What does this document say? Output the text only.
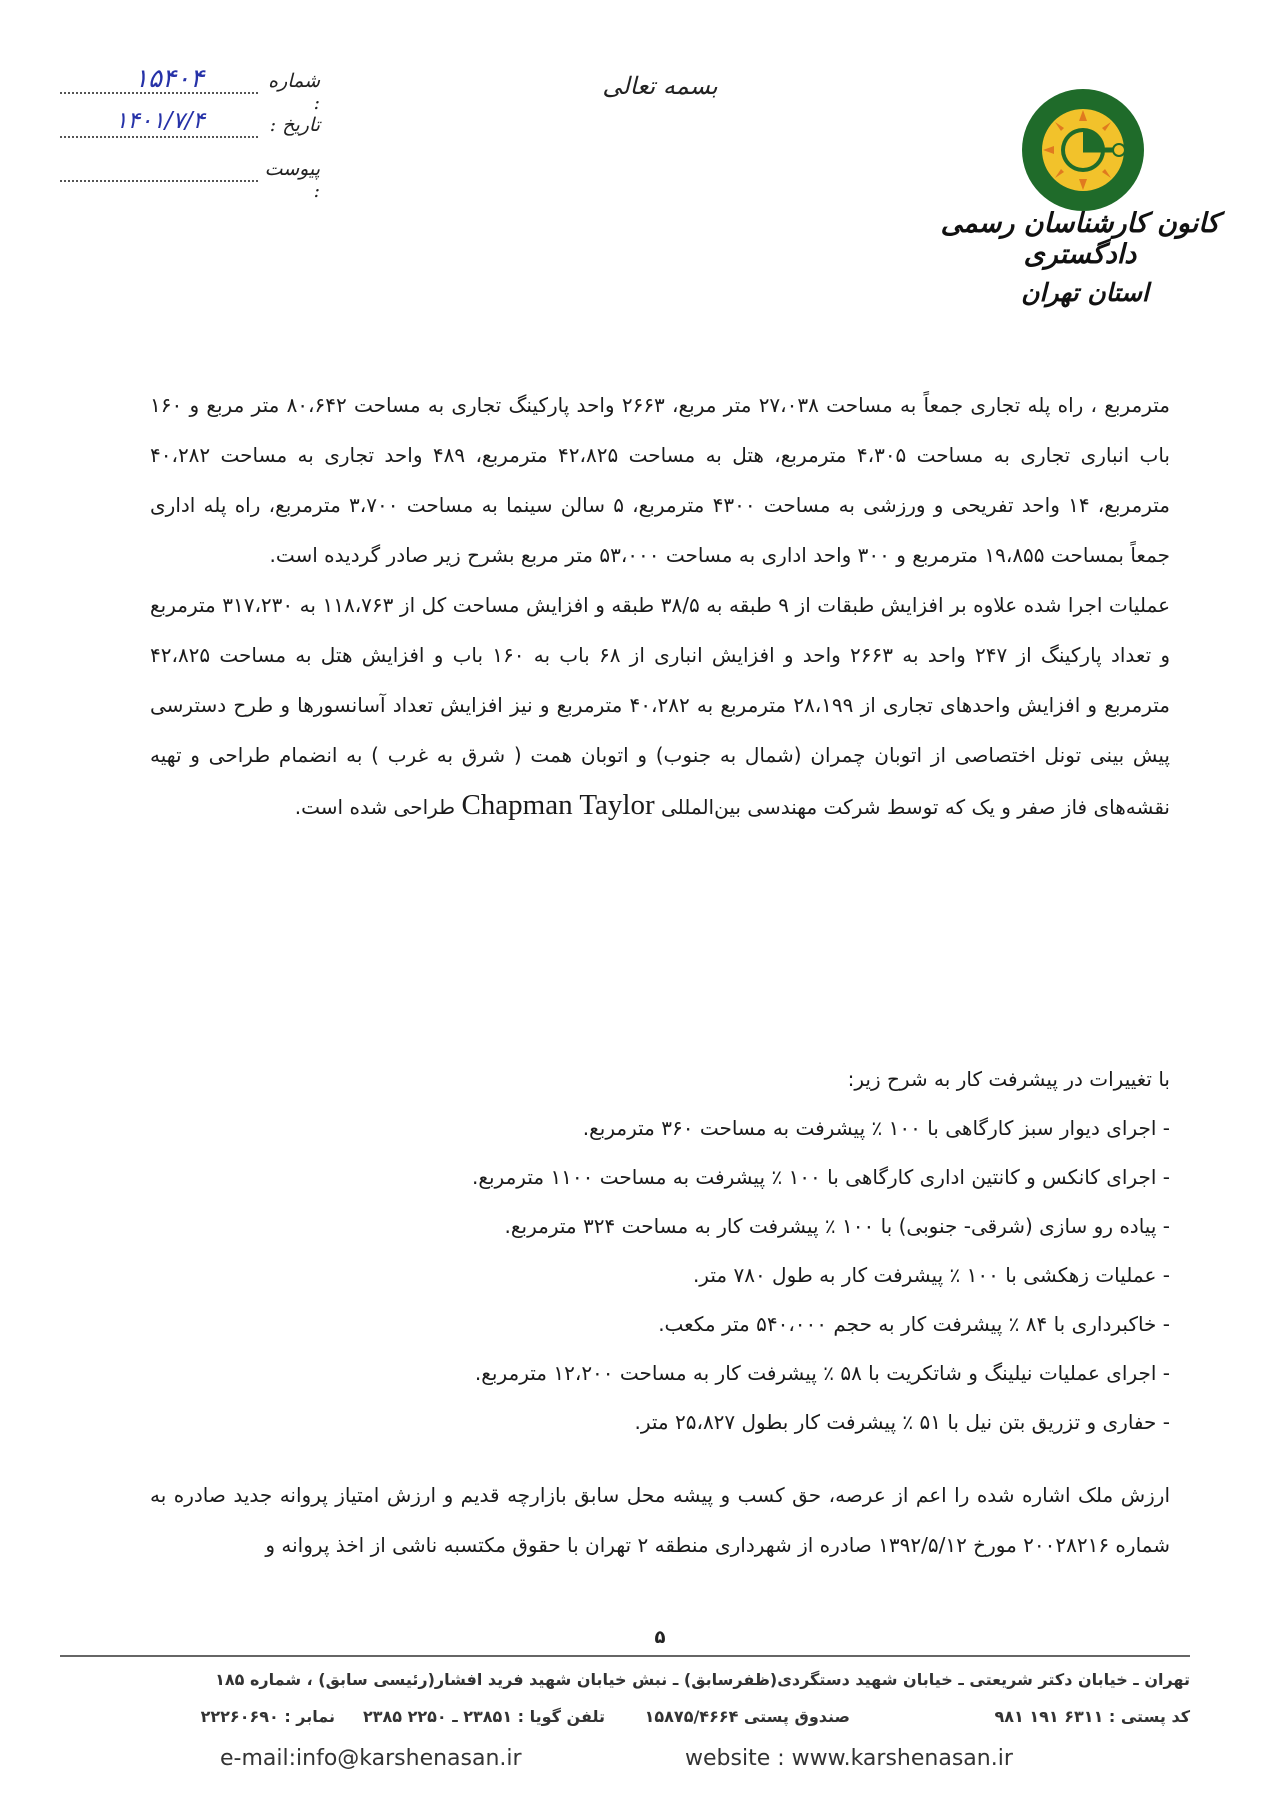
بسمه تعالی
شماره :
۱۵۴۰۴
تاریخ :
۱۴۰۱/۷/۴
پیوست :
کانون کارشناسان رسمی دادگستری
استان تهران

مترمربع ، راه پله تجاری جمعاً به مساحت ۲۷،۰۳۸ متر مربع، ۲۶۶۳ واحد پارکینگ تجاری به مساحت ۸۰،۶۴۲ متر مربع و ۱۶۰ باب انباری تجاری به مساحت ۴،۳۰۵ مترمربع، هتل به مساحت ۴۲،۸۲۵ مترمربع، ۴۸۹ واحد تجاری به مساحت ۴۰،۲۸۲ مترمربع، ۱۴ واحد تفریحی و ورزشی به مساحت ۴۳۰۰ مترمربع، ۵ سالن سینما به مساحت ۳،۷۰۰ مترمربع، راه پله اداری جمعاً بمساحت ۱۹،۸۵۵ مترمربع و ۳۰۰ واحد اداری به مساحت ۵۳،۰۰۰ متر مربع بشرح زیر صادر گردیده است.

عملیات اجرا شده علاوه بر افزایش طبقات از ۹ طبقه به ۳۸/۵ طبقه و افزایش مساحت کل از ۱۱۸،۷۶۳ به ۳۱۷،۲۳۰ مترمربع و تعداد پارکینگ از ۲۴۷ واحد به ۲۶۶۳ واحد و افزایش انباری از ۶۸ باب به ۱۶۰ باب و افزایش هتل به مساحت ۴۲،۸۲۵ مترمربع و افزایش واحدهای تجاری از ۲۸،۱۹۹ مترمربع به ۴۰،۲۸۲ مترمربع و نیز افزایش تعداد آسانسورها و طرح دسترسی پیش بینی تونل اختصاصی از اتوبان چمران (شمال به جنوب) و اتوبان همت ( شرق به غرب ) به انضمام طراحی و تهیه نقشه‌های فاز صفر و یک که توسط شرکت مهندسی بین‌المللی Chapman Taylor طراحی شده است.

با تغییرات در پیشرفت کار به شرح زیر:

- اجرای دیوار سبز کارگاهی با ۱۰۰ ٪ پیشرفت به مساحت ۳۶۰ مترمربع.
- اجرای کانکس و کانتین اداری کارگاهی با ۱۰۰ ٪ پیشرفت به مساحت ۱۱۰۰ مترمربع.
- پیاده رو سازی (شرقی- جنوبی) با ۱۰۰ ٪ پیشرفت کار به مساحت ۳۲۴ مترمربع.
- عملیات زهکشی با ۱۰۰ ٪ پیشرفت کار به طول ۷۸۰ متر.
- خاکبرداری با ۸۴ ٪ پیشرفت کار به حجم ۵۴۰،۰۰۰ متر مکعب.
- اجرای عملیات نیلینگ و شاتکریت با ۵۸ ٪ پیشرفت کار به مساحت ۱۲،۲۰۰ مترمربع.
- حفاری و تزریق بتن نیل با ۵۱ ٪ پیشرفت کار بطول ۲۵،۸۲۷ متر.

ارزش ملک اشاره شده را اعم از عرصه، حق کسب و پیشه محل سابق بازارچه قدیم و ارزش امتیاز پروانه جدید صادره به شماره ۲۰۰۲۸۲۱۶ مورخ ۱۳۹۲/۵/۱۲ صادره از شهرداری منطقه ۲ تهران با حقوق مکتسبه ناشی از اخذ پروانه و

۵
تهران ـ خیابان دکتر شریعتی ـ خیابان شهید دستگردی(ظفرسابق) ـ نبش خیابان شهید فرید افشار(رئیسی سابق) ، شماره ۱۸۵
کد پستی : ۶۳۱۱ ۱۹۱ ۹۸۱
صندوق پستی ۱۵۸۷۵/۴۶۶۴
تلفن گویا : ۲۳۸۵۱ ـ ۲۲۵۰ ۲۳۸۵
نمابر : ۲۲۲۶۰۶۹۰
e-mail:info@karshenasan.ir	website : www.karshenasan.ir
